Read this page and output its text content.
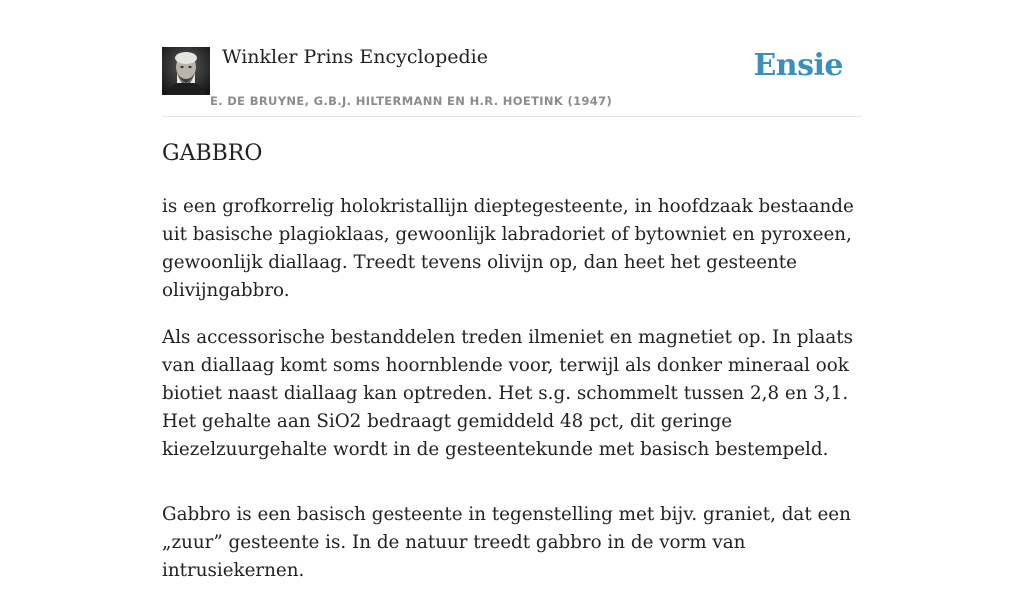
Winkler Prins Encyclopedie
E. DE BRUYNE, G.B.J. HILTERMANN EN H.R. HOETINK (1947)
Ensie
GABBRO

is een grofkorrelig holokristallijn dieptegesteente, in hoofdzaak bestaande uit basische plagioklaas, gewoonlijk labradoriet of bytowniet en pyroxeen, gewoonlijk diallaag. Treedt tevens olivijn op, dan heet het gesteente olivijngabbro.

Als accessorische bestanddelen treden ilmeniet en magnetiet op. In plaats van diallaag komt soms hoornblende voor, terwijl als donker mineraal ook biotiet naast diallaag kan optreden. Het s.g. schommelt tussen 2,8 en 3,1. Het gehalte aan SiO2 bedraagt gemiddeld 48 pct, dit geringe kiezelzuurgehalte wordt in de gesteentekunde met basisch bestempeld.

Gabbro is een basisch gesteente in tegenstelling met bijv. graniet, dat een „zuur” gesteente is. In de natuur treedt gabbro in de vorm van intrusiekernen.
